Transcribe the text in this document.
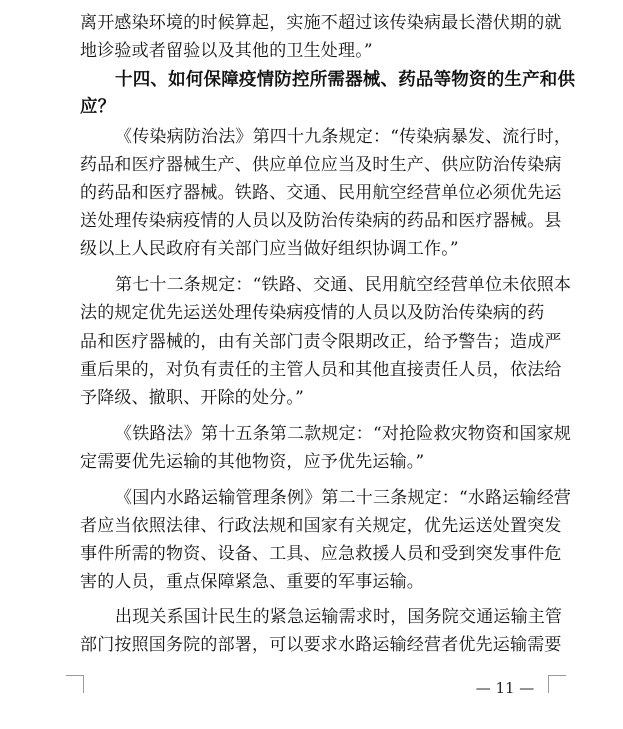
离开感染环境的时候算起，实施不超过该传染病最长潜伏期的就
地诊验或者留验以及其他的卫生处理。”
十四、如何保障疫情防控所需器械、药品等物资的生产和供
应？
《传染病防治法》第四十九条规定：“传染病暴发、流行时，
药品和医疗器械生产、供应单位应当及时生产、供应防治传染病
的药品和医疗器械。铁路、交通、民用航空经营单位必须优先运
送处理传染病疫情的人员以及防治传染病的药品和医疗器械。县
级以上人民政府有关部门应当做好组织协调工作。”
第七十二条规定：“铁路、交通、民用航空经营单位未依照本
法的规定优先运送处理传染病疫情的人员以及防治传染病的药
品和医疗器械的，由有关部门责令限期改正，给予警告；造成严
重后果的，对负有责任的主管人员和其他直接责任人员，依法给
予降级、撤职、开除的处分。”
《铁路法》第十五条第二款规定：“对抢险救灾物资和国家规
定需要优先运输的其他物资，应予优先运输。”
《国内水路运输管理条例》第二十三条规定：“水路运输经营
者应当依照法律、行政法规和国家有关规定，优先运送处置突发
事件所需的物资、设备、工具、应急救援人员和受到突发事件危
害的人员，重点保障紧急、重要的军事运输。
出现关系国计民生的紧急运输需求时，国务院交通运输主管
部门按照国务院的部署，可以要求水路运输经营者优先运输需要
— 11 —
